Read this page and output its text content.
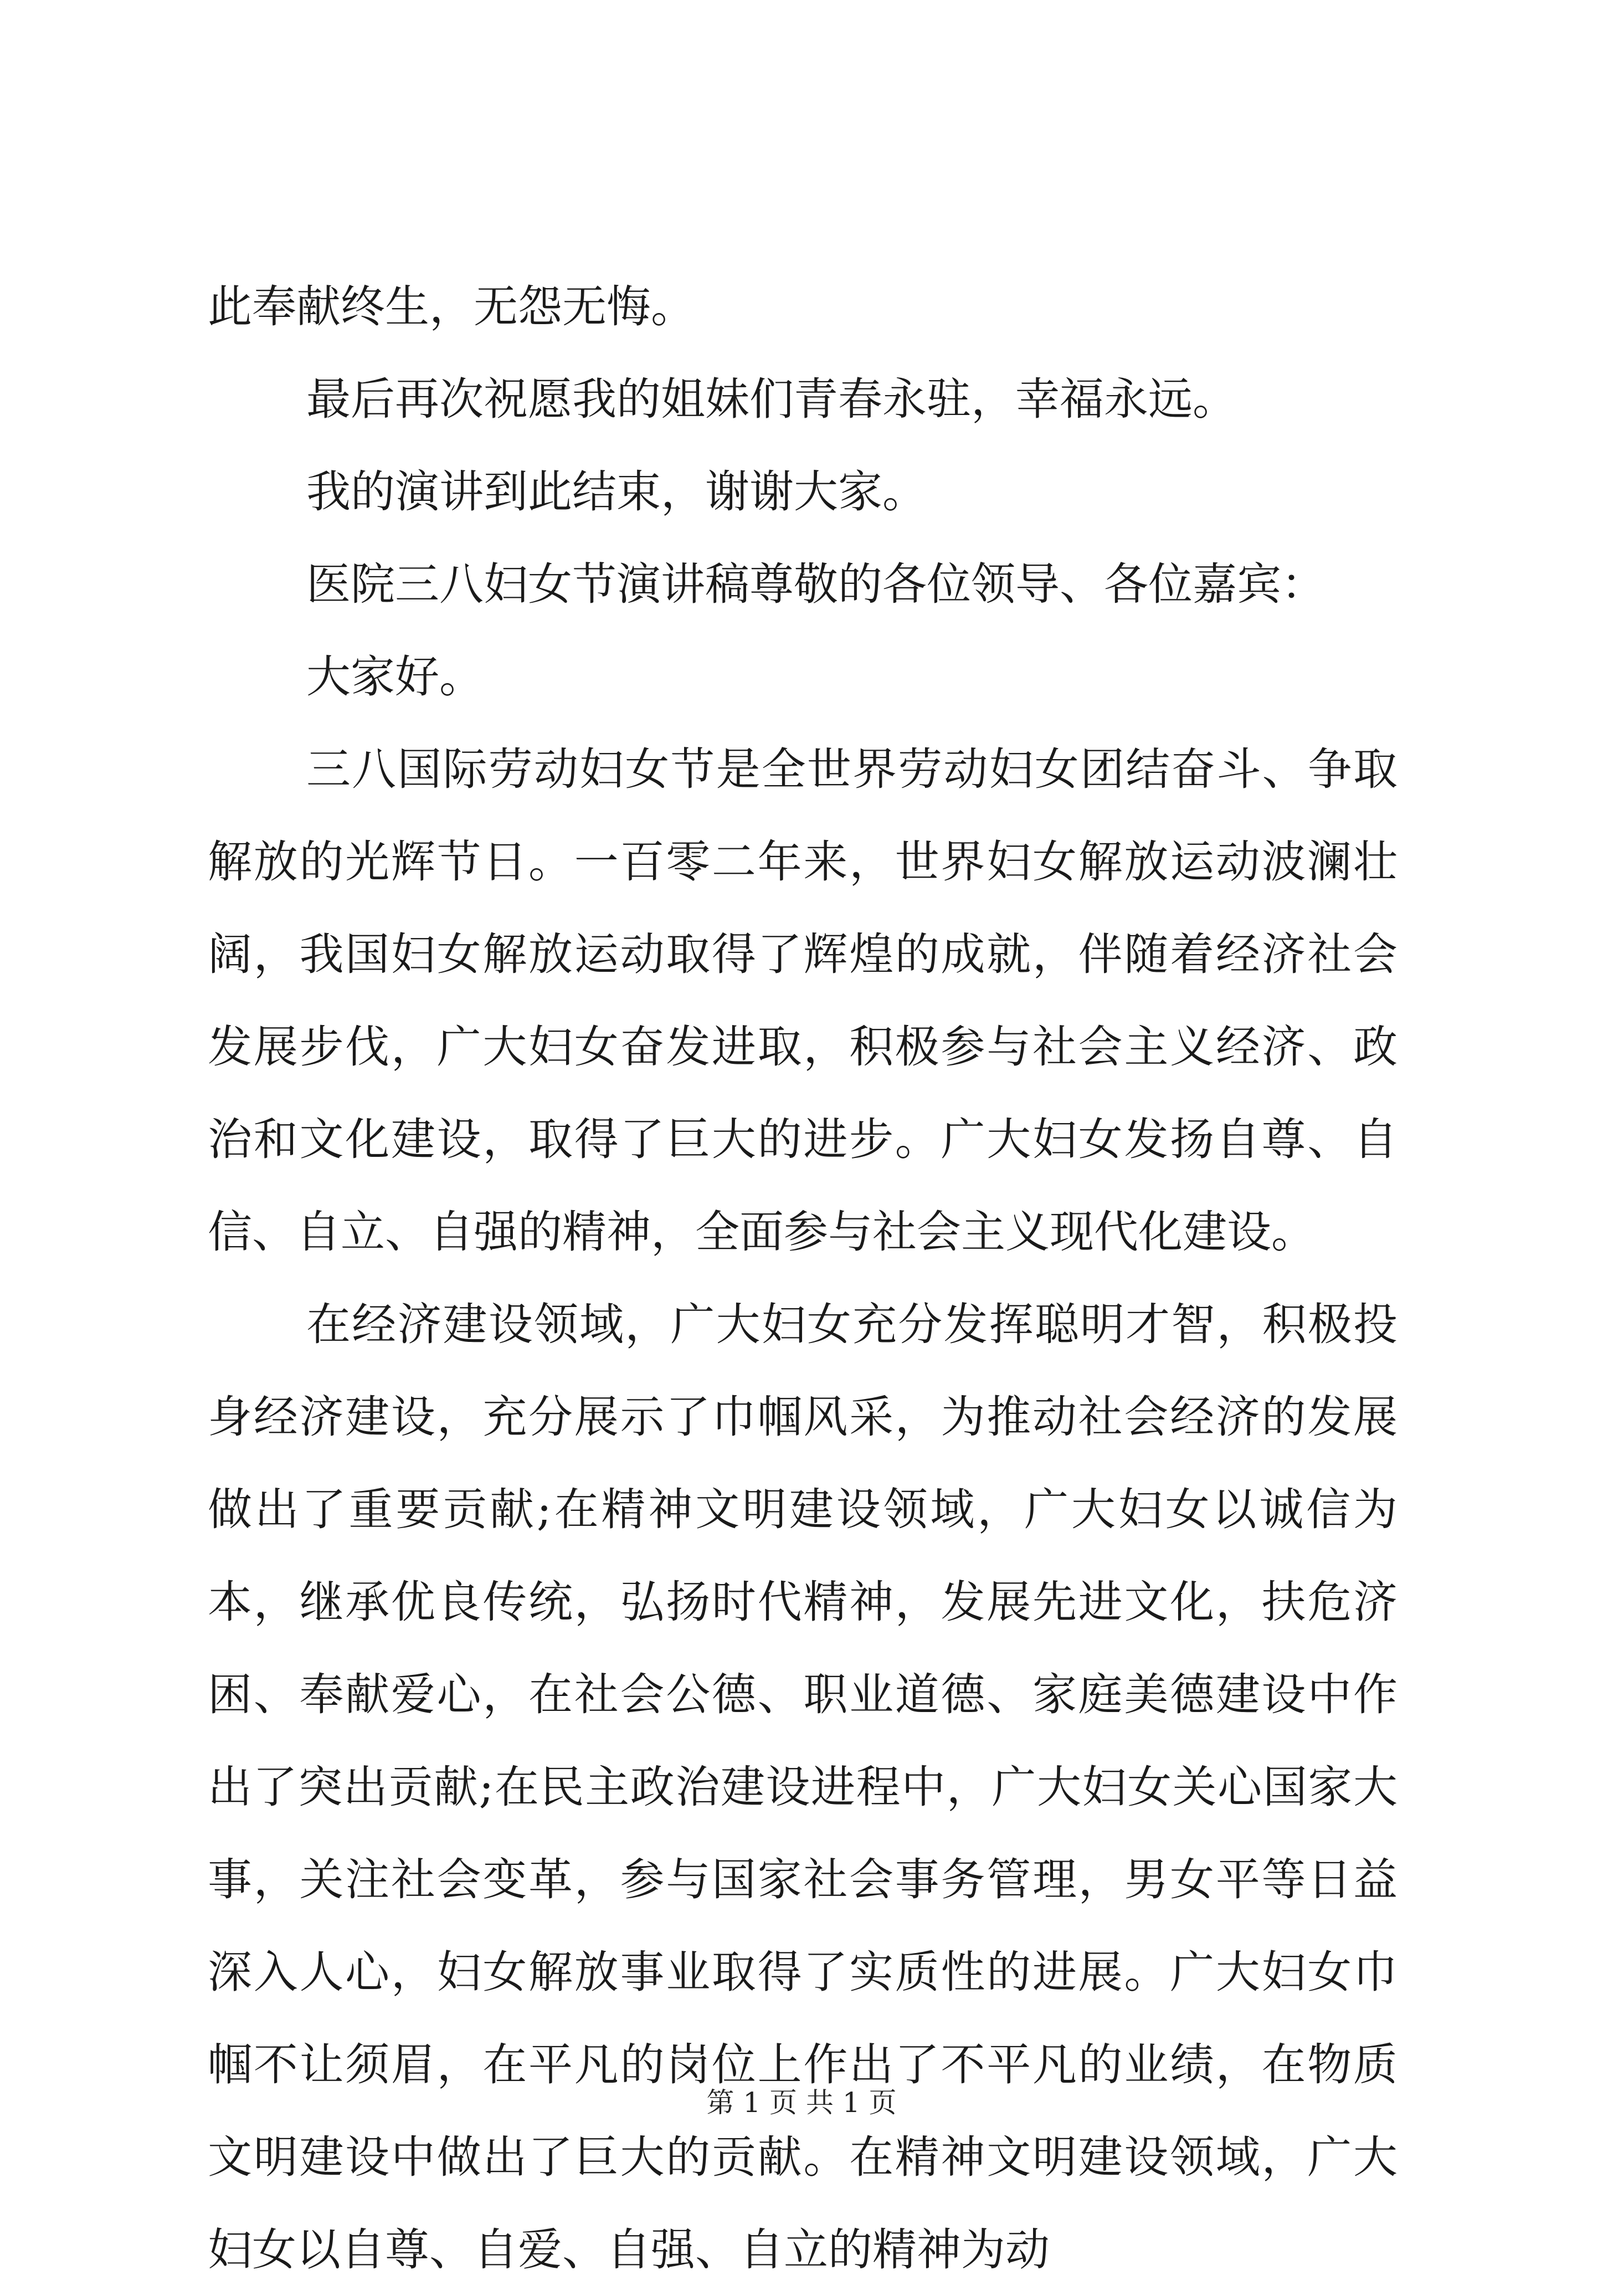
此奉献终生，无怨无悔。

最后再次祝愿我的姐妹们青春永驻，幸福永远。

我的演讲到此结束，谢谢大家。

医院三八妇女节演讲稿尊敬的各位领导、各位嘉宾：

大家好。

三八国际劳动妇女节是全世界劳动妇女团结奋斗、争取解放的光辉节日。一百零二年来，世界妇女解放运动波澜壮阔，我国妇女解放运动取得了辉煌的成就，伴随着经济社会发展步伐，广大妇女奋发进取，积极参与社会主义经济、政治和文化建设，取得了巨大的进步。广大妇女发扬自尊、自信、自立、自强的精神，全面参与社会主义现代化建设。

在经济建设领域，广大妇女充分发挥聪明才智，积极投身经济建设，充分展示了巾帼风采，为推动社会经济的发展做出了重要贡献;在精神文明建设领域，广大妇女以诚信为本，继承优良传统，弘扬时代精神，发展先进文化，扶危济困、奉献爱心，在社会公德、职业道德、家庭美德建设中作出了突出贡献;在民主政治建设进程中，广大妇女关心国家大事，关注社会变革，参与国家社会事务管理，男女平等日益深入人心，妇女解放事业取得了实质性的进展。广大妇女巾帼不让须眉，在平凡的岗位上作出了不平凡的业绩，在物质文明建设中做出了巨大的贡献。在精神文明建设领域，广大妇女以自尊、自爱、自强、自立的精神为动

第 1 页 共 1 页
